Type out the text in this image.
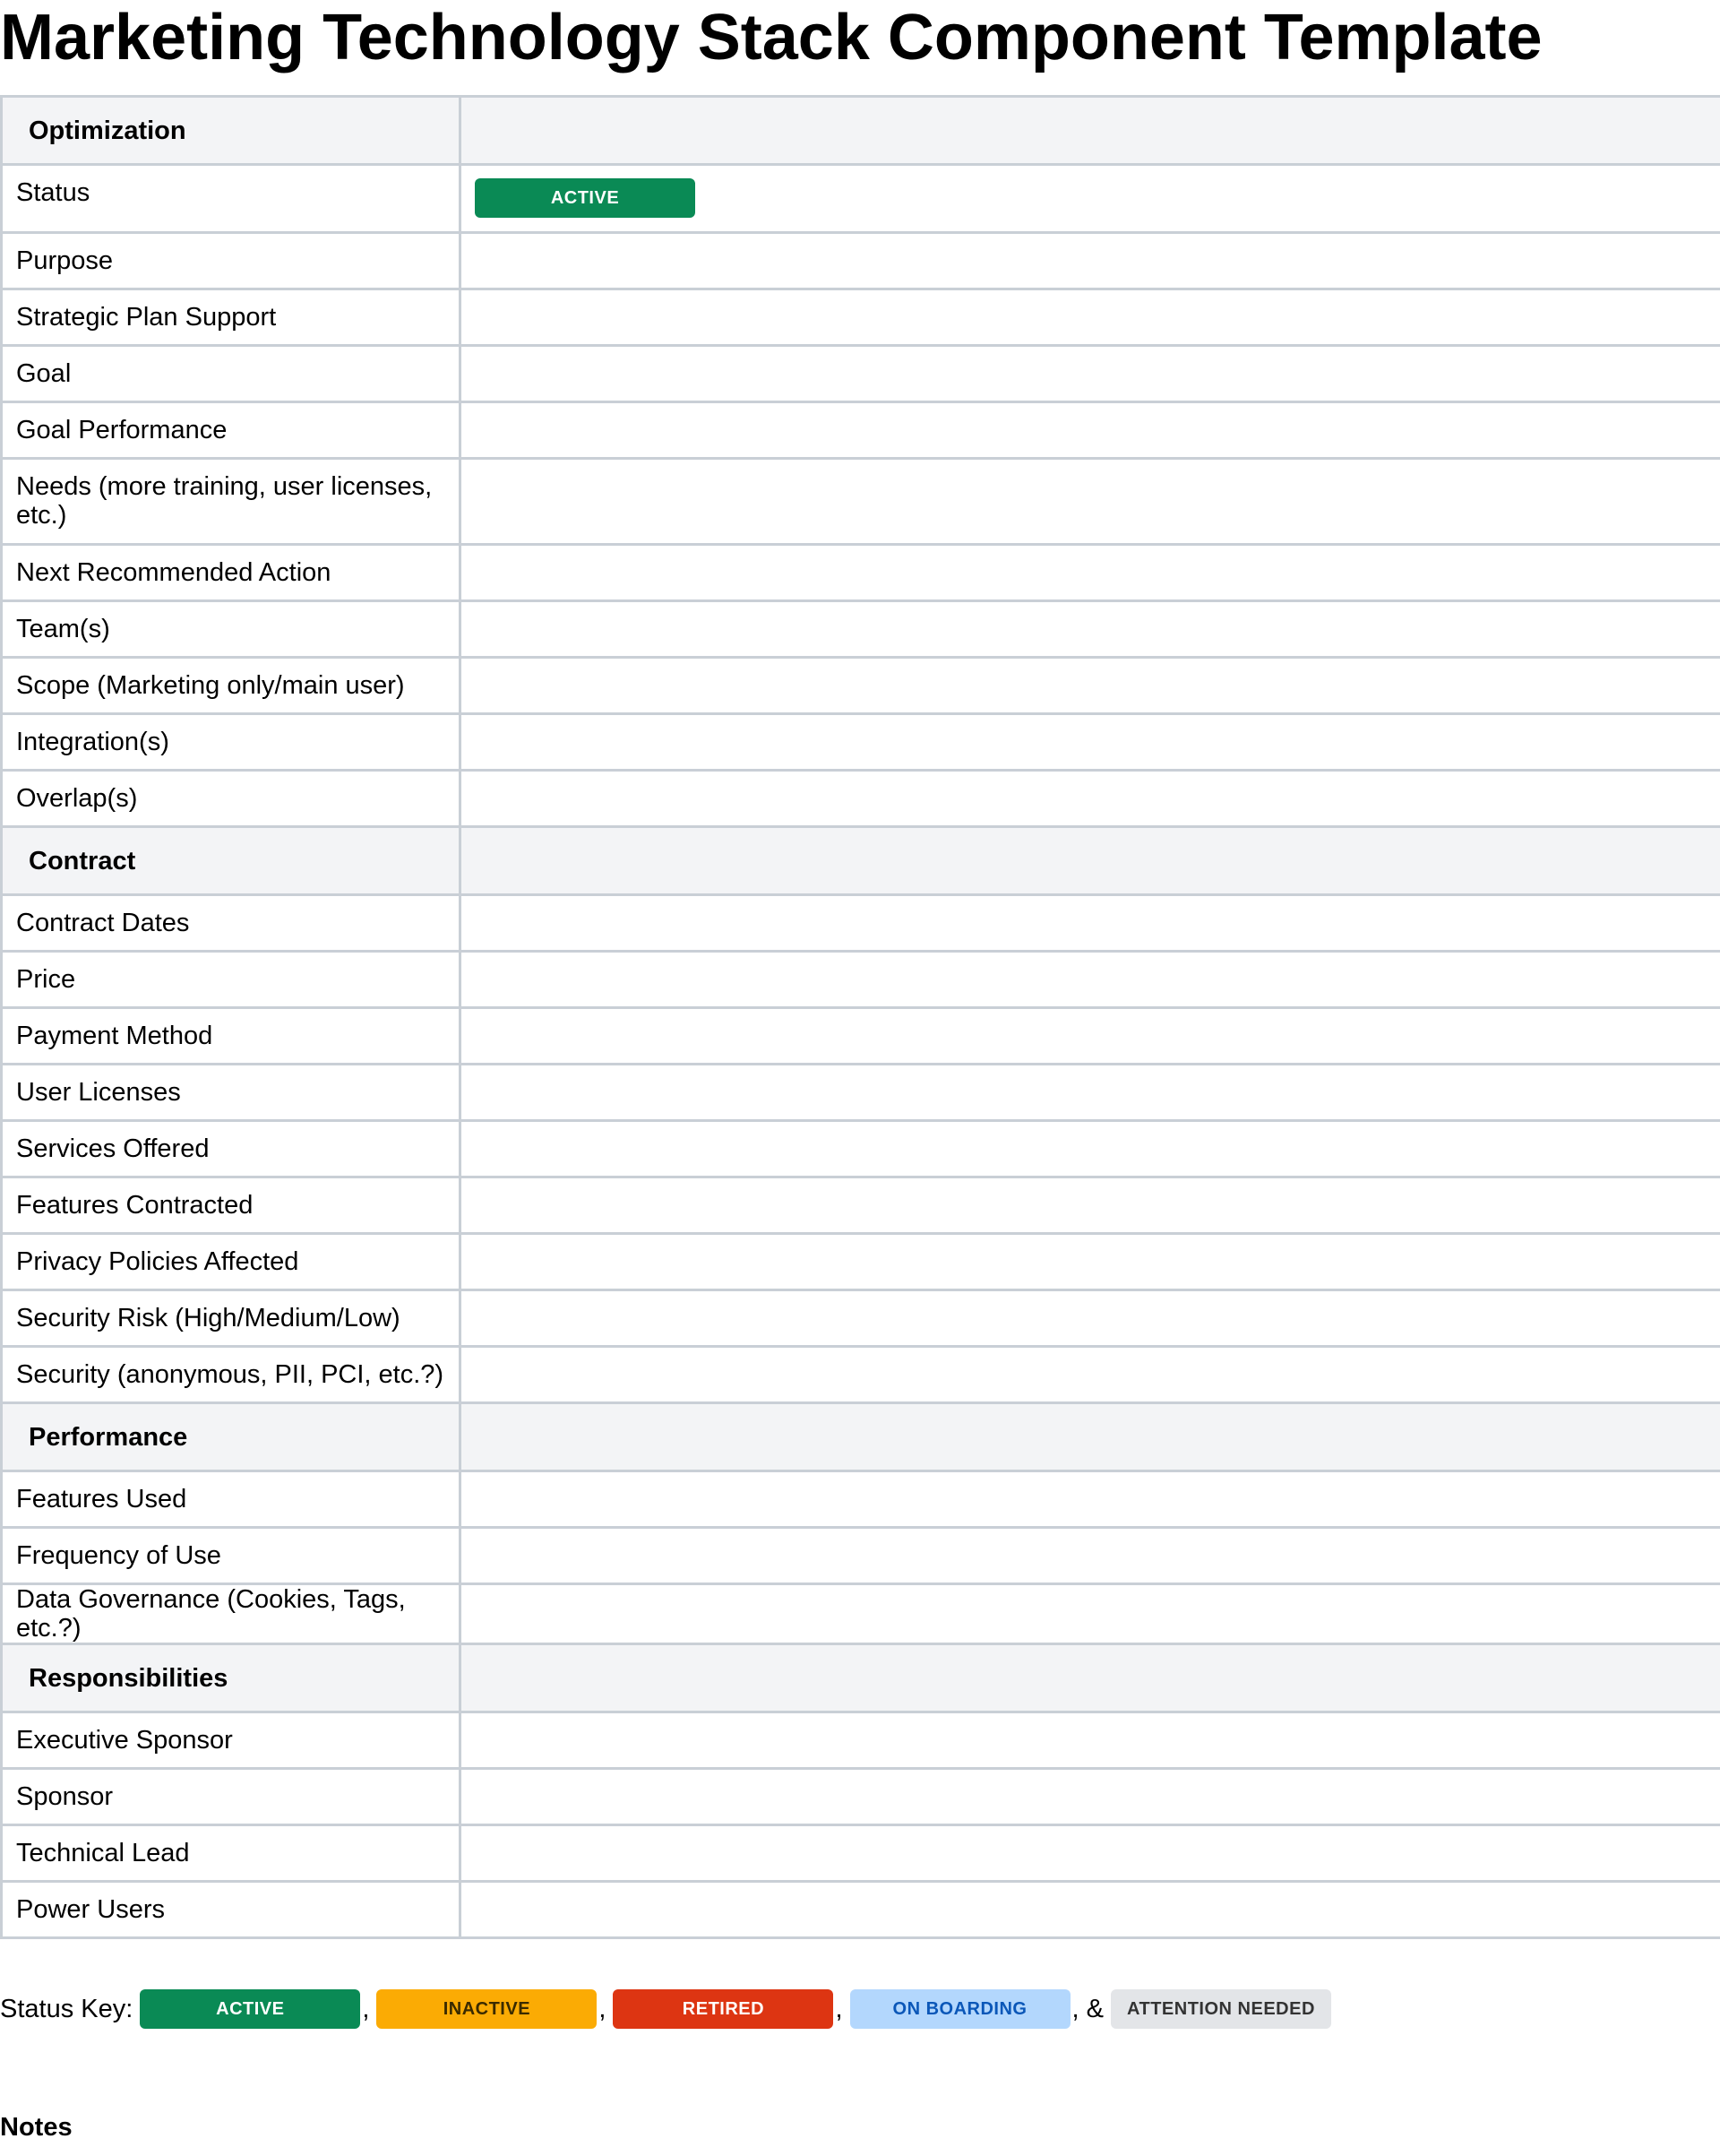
Marketing Technology Stack Component Template
Optimization	
Status	ACTIVE
Purpose	
Strategic Plan Support	
Goal	
Goal Performance	
Needs (more training, user licenses, etc.)	
Next Recommended Action	
Team(s)	
Scope (Marketing only/main user)	
Integration(s)	
Overlap(s)	
Contract	
Contract Dates	
Price	
Payment Method	
User Licenses	
Services Offered	
Features Contracted	
Privacy Policies Affected	
Security Risk (High/Medium/Low)	
Security (anonymous, PII, PCI, etc.?)	
Performance	
Features Used	
Frequency of Use	
Data Governance (Cookies, Tags, etc.?)	
Responsibilities	
Executive Sponsor	
Sponsor	
Technical Lead	
Power Users	
Status Key:	ACTIVE	,	INACTIVE	,	RETIRED	,	ON BOARDING	, &	ATTENTION NEEDED
Notes
